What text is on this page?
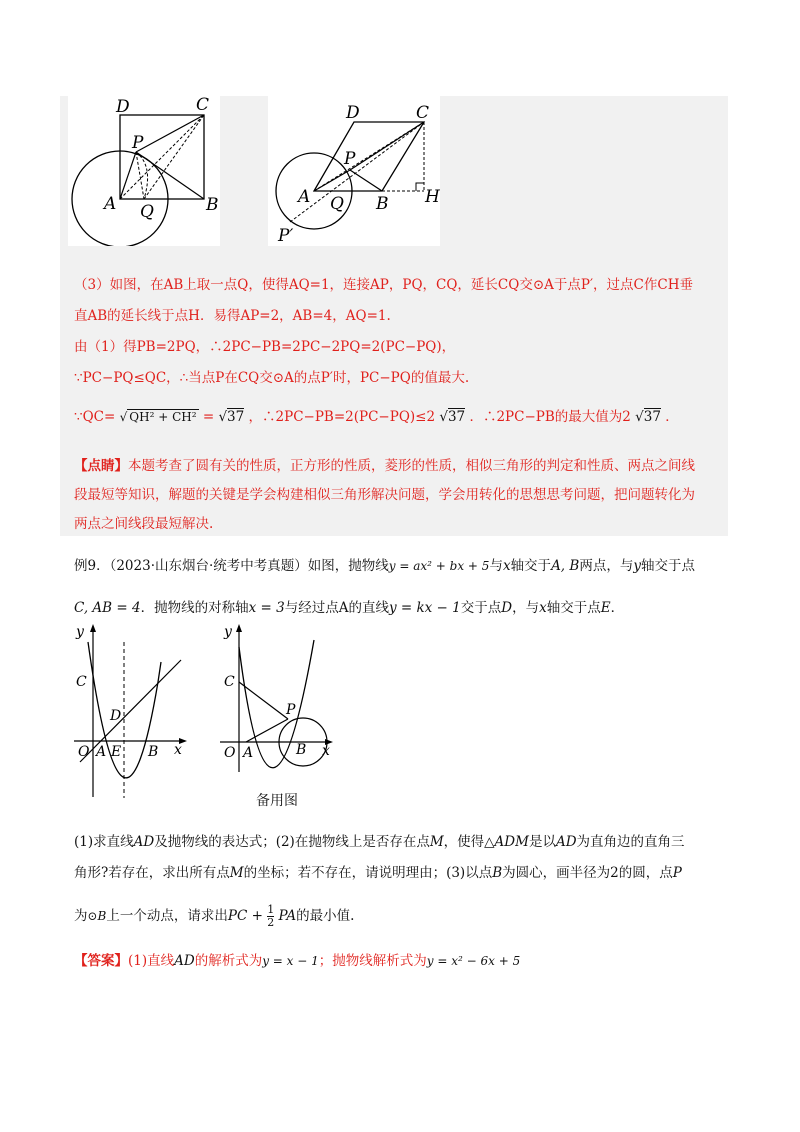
D	C
P
A Q	B
D	C
P
A Q B H
P′
（3）如图，在AB上取一点Q，使得AQ=1，连接AP，PQ，CQ，延长CQ交⊙A于点P′，过点C作CH垂
直AB的延长线于点H．易得AP=2，AB=4，AQ=1.
由（1）得PB=2PQ，∴2PC−PB=2PC−2PQ=2(PC−PQ)，
∵PC−PQ≤QC，∴当点P在CQ交⊙A的点P′时，PC−PQ的值最大.
∵QC= √ QH² + CH² = √37 ，∴2PC−PB=2(PC−PQ)≤2 √37 ．∴2PC−PB的最大值为2 √37 ．
【点睛】本题考查了圆有关的性质，正方形的性质，菱形的性质，相似三角形的判定和性质、两点之间线
段最短等知识，解题的关键是学会构建相似三角形解决问题，学会用转化的思想思考问题，把问题转化为
两点之间线段最短解决.
例9．（2023·山东烟台·统考中考真题）如图，抛物线y = ax² + bx + 5与x轴交于A, B两点，与y轴交于点
C, AB = 4．抛物线的对称轴x = 3与经过点A的直线y = kx − 1交于点D，与x轴交于点E．
y
x
C
D
O A E B
y
x
C
P
O A	B
备用图
(1)求直线AD及抛物线的表达式；(2)在抛物线上是否存在点M，使得△ADM是以AD为直角边的直角三
角形?若存在，求出所有点M的坐标；若不存在，请说明理由；(3)以点B为圆心，画半径为2的圆，点P
为⊙B上一个动点，请求出PC + $\frac{1}{2}$ PA的最小值.
【答案】(1)直线AD的解析式为y = x − 1；抛物线解析式为y = x² − 6x + 5
